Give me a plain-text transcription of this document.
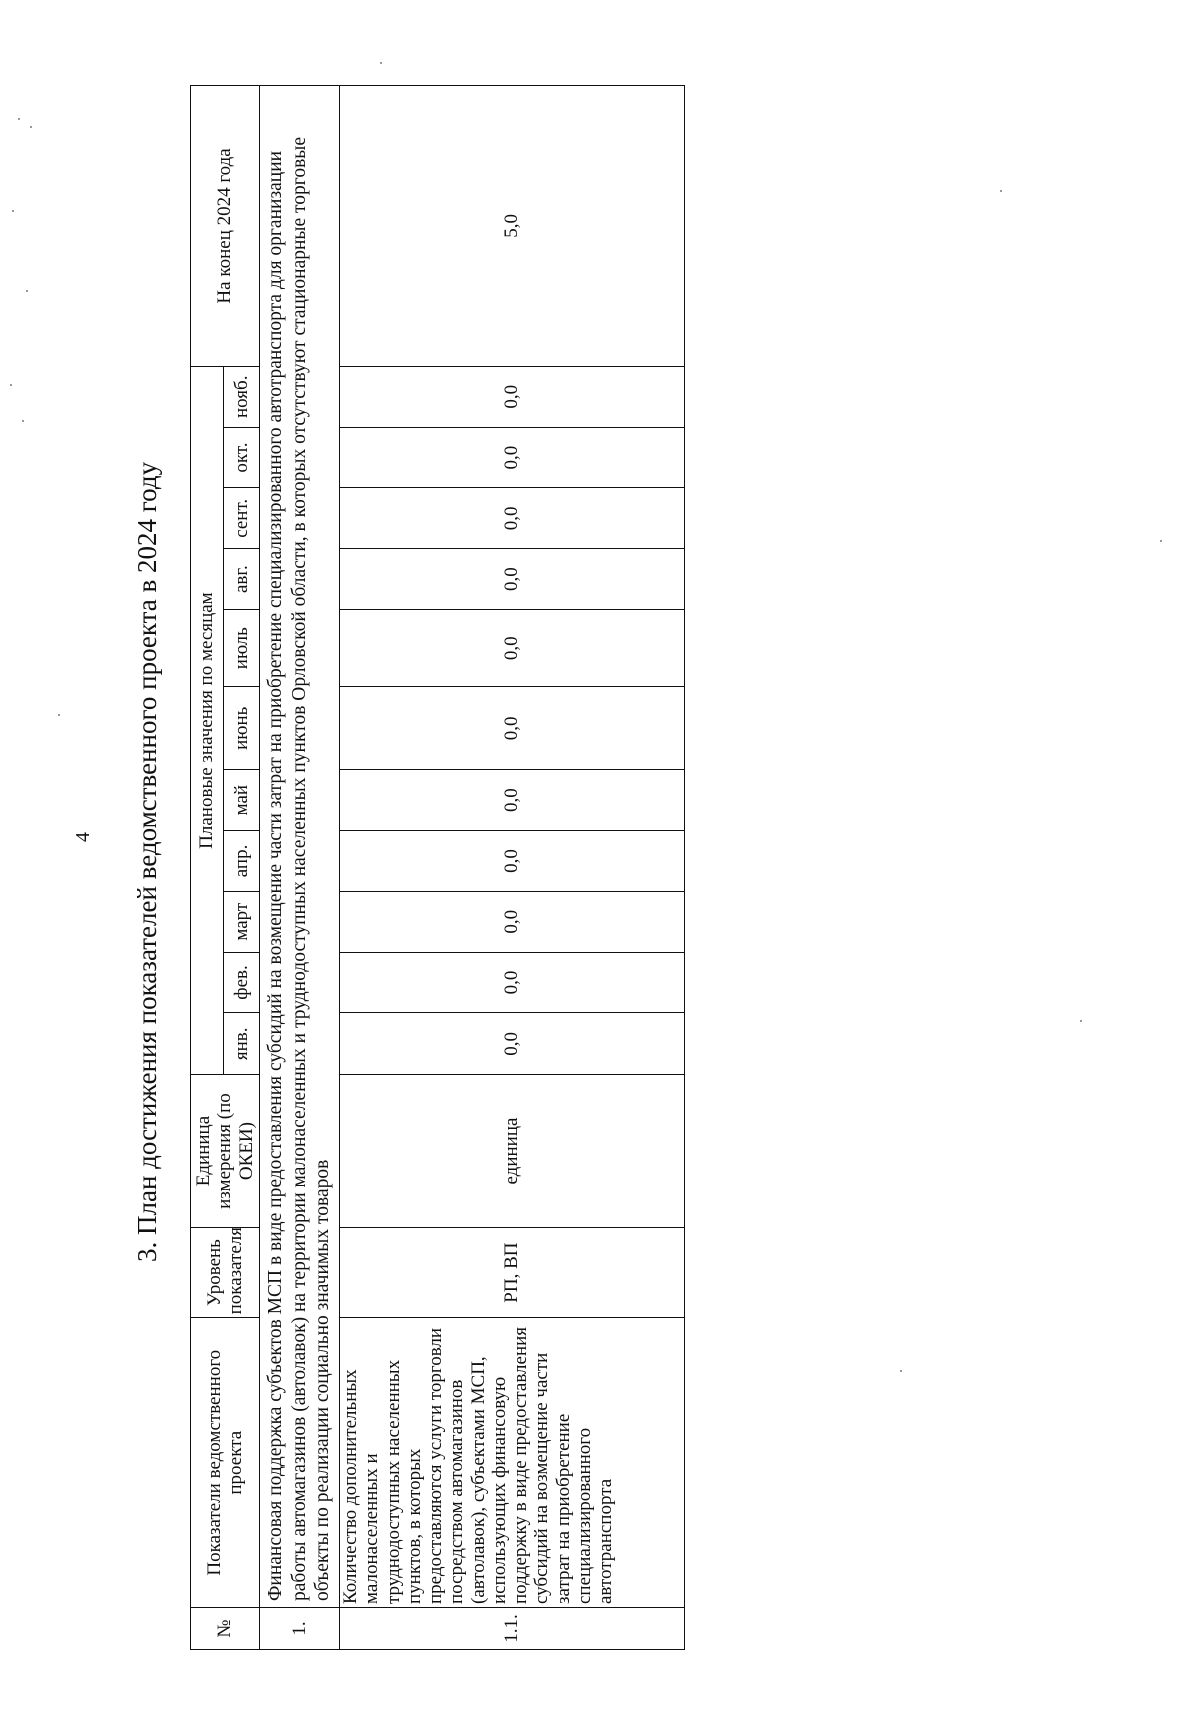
4 3. План достижения показателей ведомственного проекта в 2024 году
№	Показатели ведомственного проекта	Уровень показателя	Единица измерения (по ОКЕИ)	Плановые значения по месяцам											На конец 2024 года
				янв.	фев.	март	апр.	май	июнь	июль	авг.	сент.	окт.	нояб.	
1.	Финансовая поддержка субъектов МСП в виде предоставления субсидий на возмещение части затрат на приобретение специализированного автотранспорта для организации работы автомагазинов (автолавок) на территории малонаселенных и труднодоступных населенных пунктов Орловской области, в которых отсутствуют стационарные торговые объекты по реализации социально значимых товаров														
1.1.	Количество дополнительных малонаселенных и труднодоступных населенных пунктов, в которых предоставляются услуги торговли посредством автомагазинов (автолавок), субъектами МСП, использующих финансовую поддержку в виде предоставления субсидий на возмещение части затрат на приобретение специализированного автотранспорта	РП, ВП	единица	0,0	0,0	0,0	0,0	0,0	0,0	0,0	0,0	0,0	0,0	0,0	5,0
